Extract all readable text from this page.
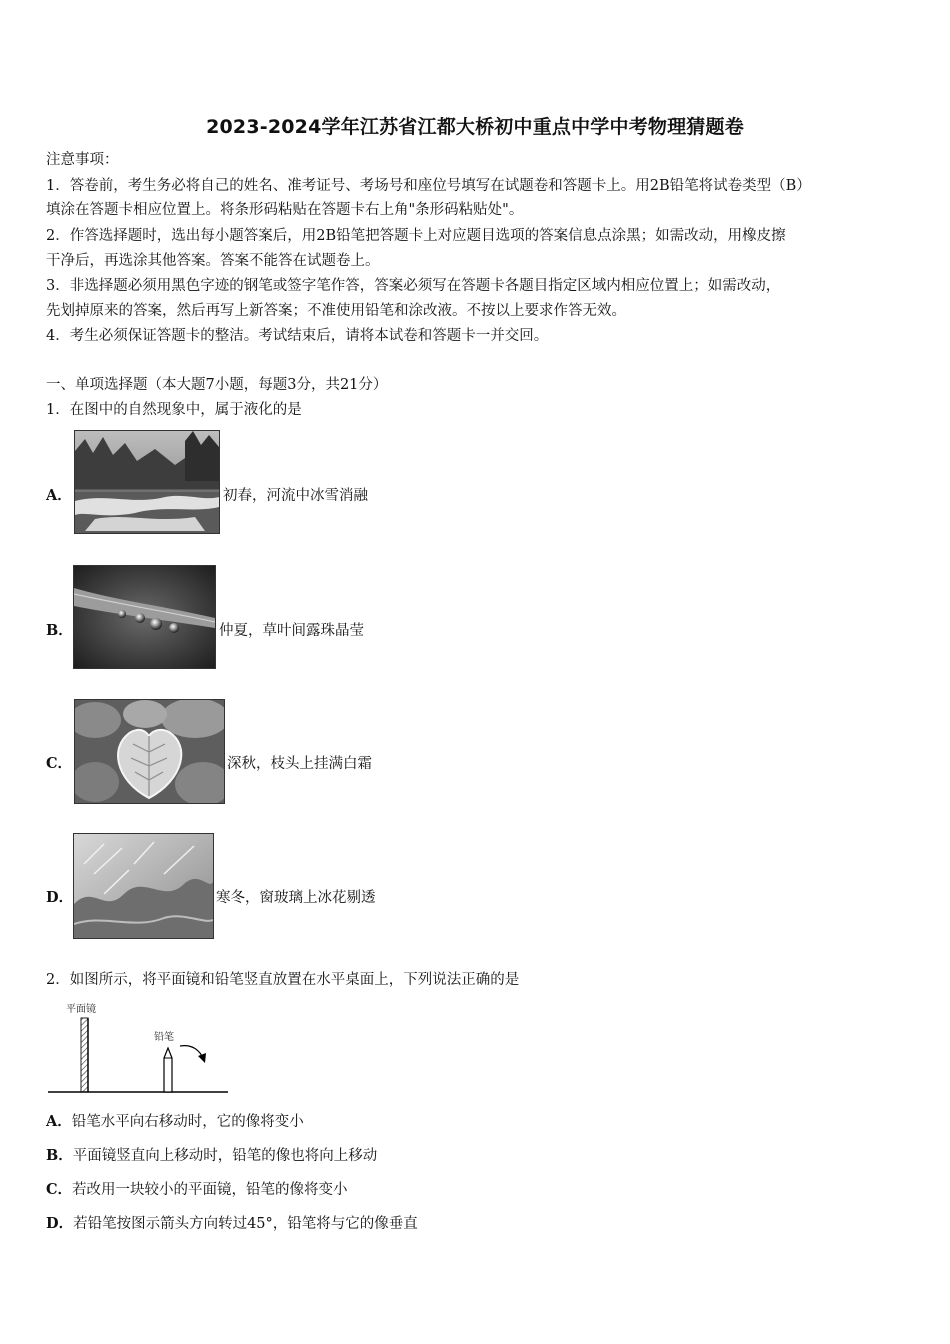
2023-2024学年江苏省江都大桥初中重点中学中考物理猜题卷
注意事项：
1．答卷前，考生务必将自己的姓名、准考证号、考场号和座位号填写在试题卷和答题卡上。用2B铅笔将试卷类型（B）
填涂在答题卡相应位置上。将条形码粘贴在答题卡右上角"条形码粘贴处"。
2．作答选择题时，选出每小题答案后，用2B铅笔把答题卡上对应题目选项的答案信息点涂黑；如需改动，用橡皮擦
干净后，再选涂其他答案。答案不能答在试题卷上。
3．非选择题必须用黑色字迹的钢笔或签字笔作答，答案必须写在答题卡各题目指定区域内相应位置上；如需改动，
先划掉原来的答案，然后再写上新答案；不准使用铅笔和涂改液。不按以上要求作答无效。
4．考生必须保证答题卡的整洁。考试结束后，请将本试卷和答题卡一并交回。
一、单项选择题（本大题7小题，每题3分，共21分）
1．在图中的自然现象中，属于液化的是
A．	初春，河流中冰雪消融
B．	仲夏，草叶间露珠晶莹
C．	深秋，枝头上挂满白霜
D．	寒冬，窗玻璃上冰花剔透
2．如图所示，将平面镜和铅笔竖直放置在水平桌面上，下列说法正确的是
平面镜
铅笔
A．铅笔水平向右移动时，它的像将变小
B．平面镜竖直向上移动时，铅笔的像也将向上移动
C．若改用一块较小的平面镜，铅笔的像将变小
D．若铅笔按图示箭头方向转过45°，铅笔将与它的像垂直
